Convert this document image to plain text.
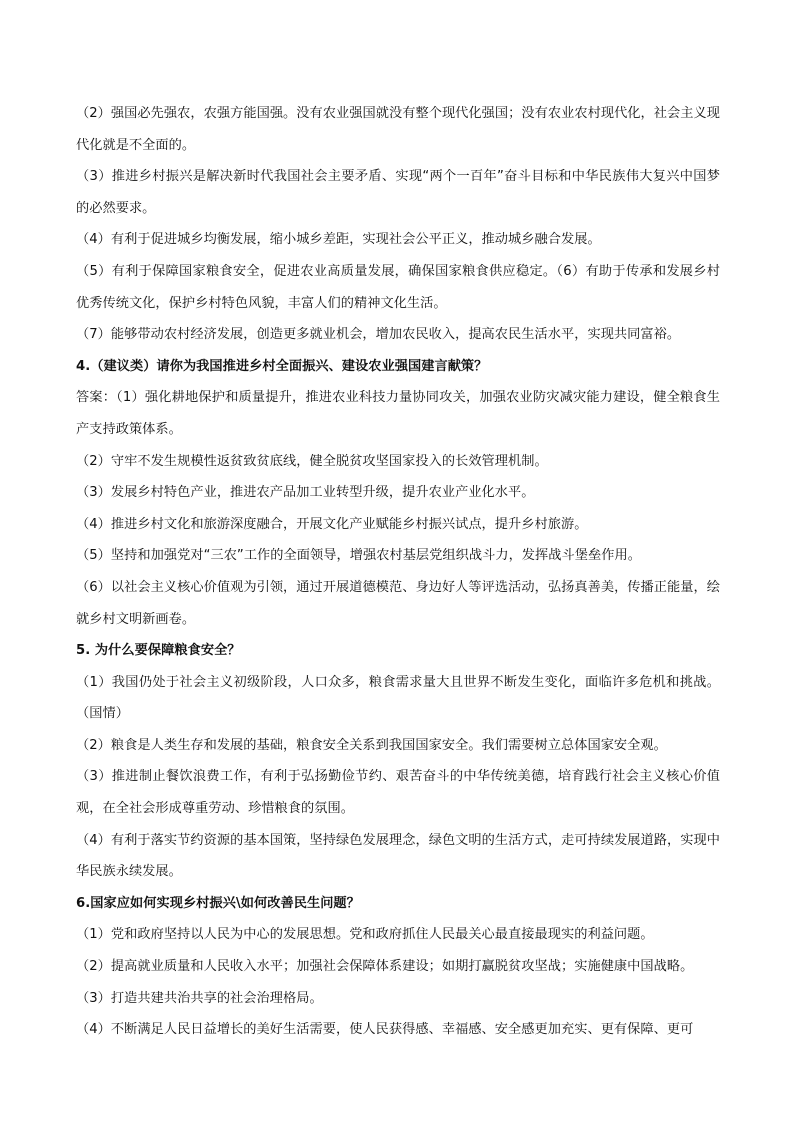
（2）强国必先强农，农强方能国强。没有农业强国就没有整个现代化强国；没有农业农村现代化，社会主义现代化就是不全面的。

（3）推进乡村振兴是解决新时代我国社会主要矛盾、实现“两个一百年”奋斗目标和中华民族伟大复兴中国梦的必然要求。

（4）有利于促进城乡均衡发展，缩小城乡差距，实现社会公平正义，推动城乡融合发展。

（5）有利于保障国家粮食安全，促进农业高质量发展，确保国家粮食供应稳定。（6）有助于传承和发展乡村优秀传统文化，保护乡村特色风貌，丰富人们的精神文化生活。

（7）能够带动农村经济发展，创造更多就业机会，增加农民收入，提高农民生活水平，实现共同富裕。

4.（建议类）请你为我国推进乡村全面振兴、建设农业强国建言献策？

答案：（1）强化耕地保护和质量提升，推进农业科技力量协同攻关，加强农业防灾减灾能力建设，健全粮食生产支持政策体系。

（2）守牢不发生规模性返贫致贫底线，健全脱贫攻坚国家投入的长效管理机制。

（3）发展乡村特色产业，推进农产品加工业转型升级，提升农业产业化水平。

（4）推进乡村文化和旅游深度融合，开展文化产业赋能乡村振兴试点，提升乡村旅游。

（5）坚持和加强党对“三农”工作的全面领导，增强农村基层党组织战斗力，发挥战斗堡垒作用。

（6）以社会主义核心价值观为引领，通过开展道德模范、身边好人等评选活动，弘扬真善美，传播正能量，绘就乡村文明新画卷。

5. 为什么要保障粮食安全？

（1）我国仍处于社会主义初级阶段，人口众多，粮食需求量大且世界不断发生变化，面临许多危机和挑战。（国情）

（2）粮食是人类生存和发展的基础，粮食安全关系到我国国家安全。我们需要树立总体国家安全观。

（3）推进制止餐饮浪费工作，有利于弘扬勤俭节约、艰苦奋斗的中华传统美德，培育践行社会主义核心价值观，在全社会形成尊重劳动、珍惜粮食的氛围。

（4）有利于落实节约资源的基本国策，坚持绿色发展理念，绿色文明的生活方式，走可持续发展道路，实现中华民族永续发展。

6.国家应如何实现乡村振兴\如何改善民生问题？

（1）党和政府坚持以人民为中心的发展思想。党和政府抓住人民最关心最直接最现实的利益问题。

（2）提高就业质量和人民收入水平；加强社会保障体系建设；如期打赢脱贫攻坚战；实施健康中国战略。

（3）打造共建共治共享的社会治理格局。

（4）不断满足人民日益增长的美好生活需要，使人民获得感、幸福感、安全感更加充实、更有保障、更可
